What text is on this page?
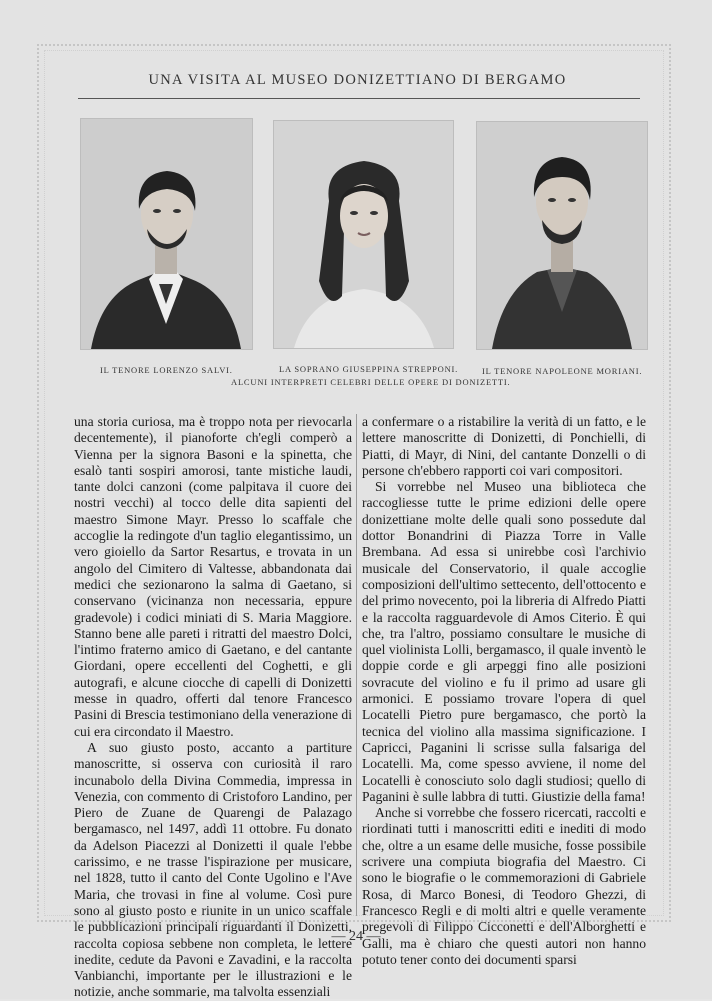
UNA VISITA AL MUSEO DONIZETTIANO DI BERGAMO
IL TENORE LORENZO SALVI.	LA SOPRANO GIUSEPPINA STREPPONI.	IL TENORE NAPOLEONE MORIANI.
ALCUNI INTERPRETI CELEBRI DELLE OPERE DI DONIZETTI.

una storia curiosa, ma è troppo nota per rievocarla decentemente), il pianoforte ch'egli comperò a Vienna per la signora Basoni e la spinetta, che esalò tanti sospiri amorosi, tante mistiche laudi, tante dolci canzoni (come palpitava il cuore dei nostri vecchi) al tocco delle dita sapienti del maestro Simone Mayr. Presso lo scaffale che accoglie la redingote d'un taglio elegantissimo, un vero gioiello da Sartor Resartus, e trovata in un angolo del Cimitero di Valtesse, abbandonata dai medici che sezionarono la salma di Gaetano, si conservano (vicinanza non necessaria, eppure gradevole) i codici miniati di S. Maria Maggiore. Stanno bene alle pareti i ritratti del maestro Dolci, l'intimo fraterno amico di Gaetano, e del cantante Giordani, opere eccellenti del Coghetti, e gli autografi, e alcune ciocche di capelli di Donizetti messe in quadro, offerti dal tenore Francesco Pasini di Brescia testimoniano della venerazione di cui era circondato il Maestro.

A suo giusto posto, accanto a partiture manoscritte, si osserva con curiosità il raro incunabolo della Divina Commedia, impressa in Venezia, con commento di Cristoforo Landino, per Piero de Zuane de Quarengi de Palazago bergamasco, nel 1497, addì 11 ottobre. Fu donato da Adelson Piacezzi al Donizetti il quale l'ebbe carissimo, e ne trasse l'ispirazione per musicare, nel 1828, tutto il canto del Conte Ugolino e l'Ave Maria, che trovasi in fine al volume. Così pure sono al giusto posto e riunite in un unico scaffale le pubblicazioni principali riguardanti il Donizetti, raccolta copiosa sebbene non completa, le lettere inedite, cedute da Pavoni e Zavadini, e la raccolta Vanbianchi, importante per le illustrazioni e le notizie, anche sommarie, ma talvolta essenziali

a confermare o a ristabilire la verità di un fatto, e le lettere manoscritte di Donizetti, di Ponchielli, di Piatti, di Mayr, di Nini, del cantante Donzelli o di persone ch'ebbero rapporti coi vari compositori.

Si vorrebbe nel Museo una biblioteca che raccogliesse tutte le prime edizioni delle opere donizettiane molte delle quali sono possedute dal dottor Bonandrini di Piazza Torre in Valle Brembana. Ad essa si unirebbe così l'archivio musicale del Conservatorio, il quale accoglie composizioni dell'ultimo settecento, dell'ottocento e del primo novecento, poi la libreria di Alfredo Piatti e la raccolta ragguardevole di Amos Citerio. È qui che, tra l'altro, possiamo consultare le musiche di quel violinista Lolli, bergamasco, il quale inventò le doppie corde e gli arpeggi fino alle posizioni sovracute del violino e fu il primo ad usare gli armonici. E possiamo trovare l'opera di quel Locatelli Pietro pure bergamasco, che portò la tecnica del violino alla massima significazione. I Capricci, Paganini li scrisse sulla falsariga del Locatelli. Ma, come spesso avviene, il nome del Locatelli è conosciuto solo dagli studiosi; quello di Paganini è sulle labbra di tutti. Giustizie della fama!

Anche si vorrebbe che fossero ricercati, raccolti e riordinati tutti i manoscritti editi e inediti di modo che, oltre a un esame delle musiche, fosse possibile scrivere una compiuta biografia del Maestro. Ci sono le biografie o le commemorazioni di Gabriele Rosa, di Marco Bonesi, di Teodoro Ghezzi, di Francesco Regli e di molti altri e quelle veramente pregevoli di Filippo Cicconetti e dell'Alborghetti e Galli, ma è chiaro che questi autori non hanno potuto tener conto dei documenti sparsi

— 24 —
